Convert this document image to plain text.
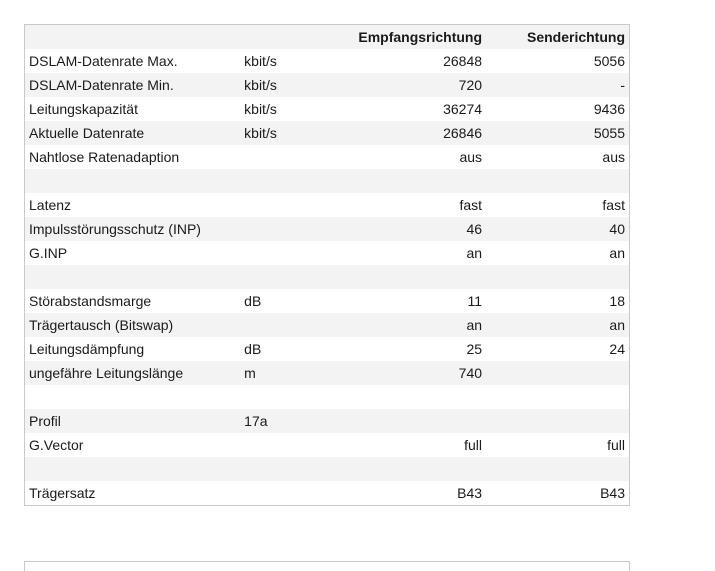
		Empfangsrichtung	Senderichtung
DSLAM-Datenrate Max.	kbit/s	26848	5056
DSLAM-Datenrate Min.	kbit/s	720	-
Leitungskapazität	kbit/s	36274	9436
Aktuelle Datenrate	kbit/s	26846	5055
Nahtlose Ratenadaption		aus	aus

Latenz		fast	fast
Impulsstörungsschutz (INP)		46	40
G.INP		an	an

Störabstandsmarge	dB	11	18
Trägertausch (Bitswap)		an	an
Leitungsdämpfung	dB	25	24
ungefähre Leitungslänge	m	740	

Profil	17a		
G.Vector		full	full

Trägersatz		B43	B43
